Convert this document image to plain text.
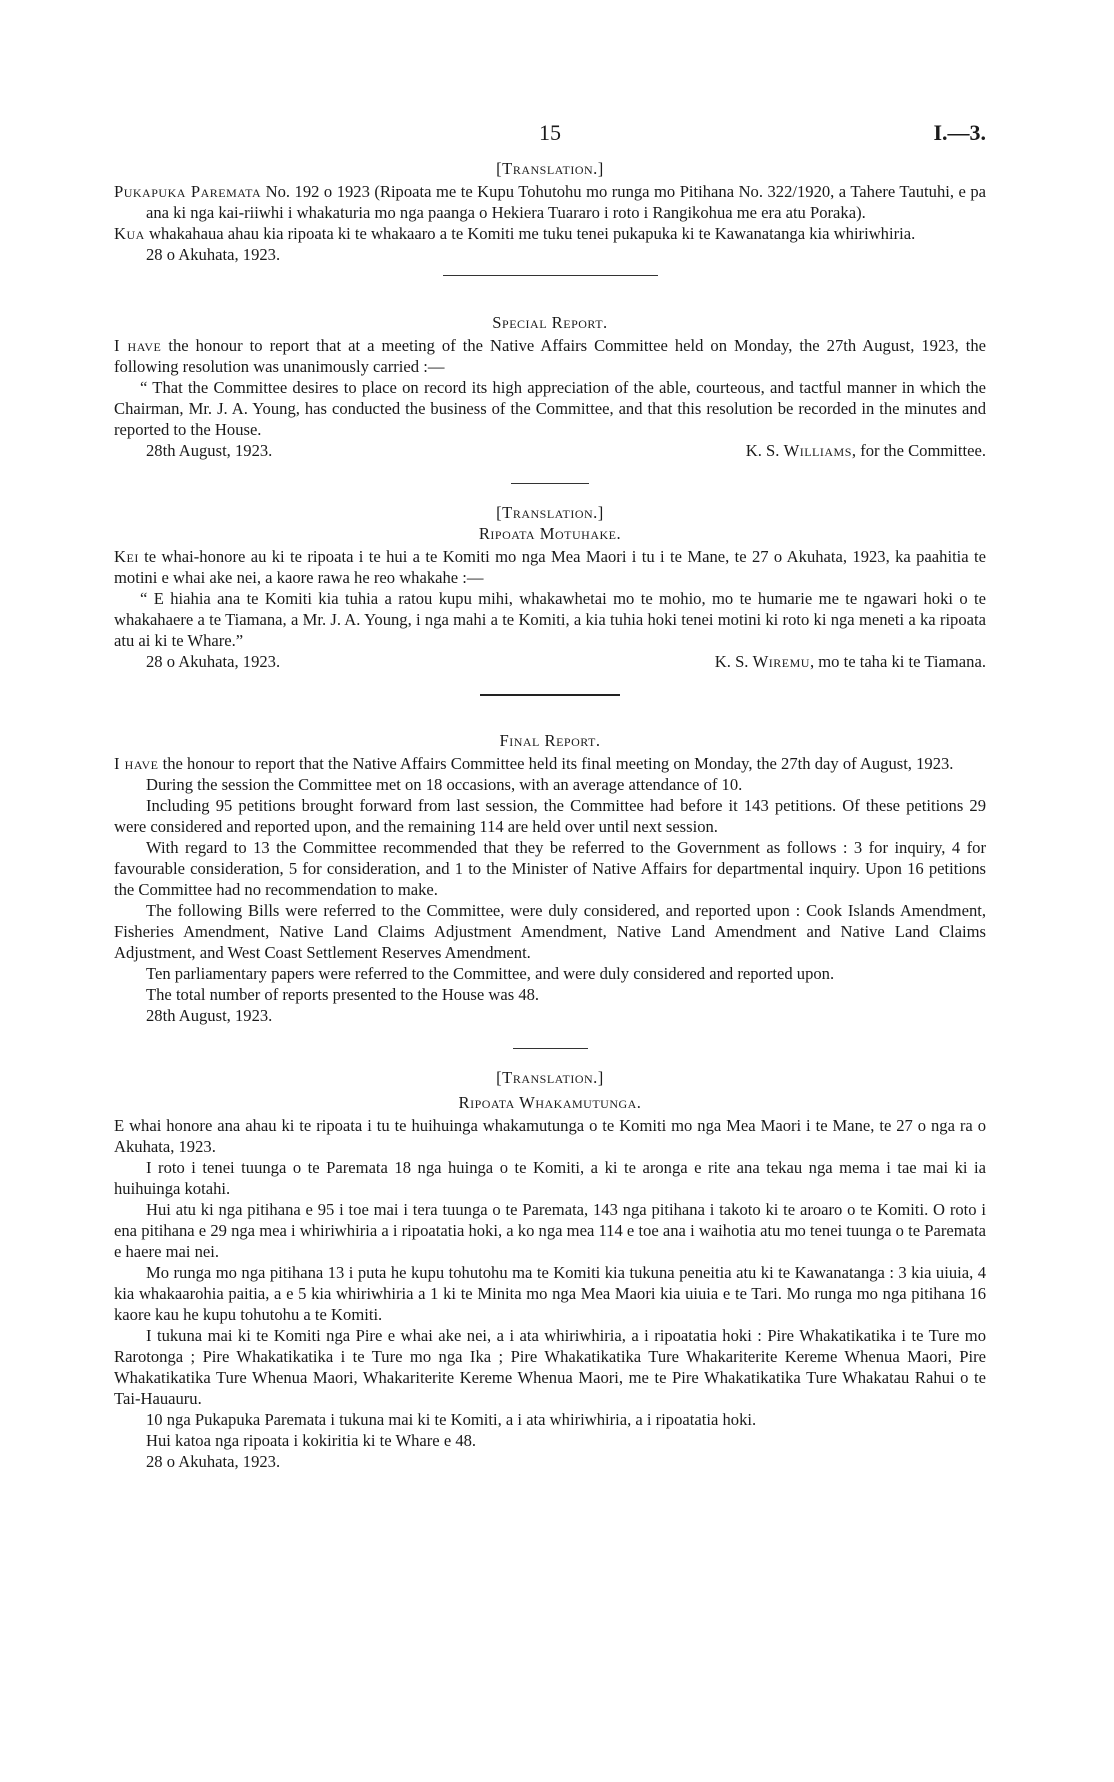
15	I.—3.

[Translation.]

Pukapuka Paremata No. 192 o 1923 (Ripoata me te Kupu Tohutohu mo runga mo Pitihana No. 322/1920, a Tahere Tautuhi, e pa ana ki nga kai-riiwhi i whakaturia mo nga paanga o Hekiera Tuararo i roto i Rangikohua me era atu Poraka).

Kua whakahaua ahau kia ripoata ki te whakaaro a te Komiti me tuku tenei pukapuka ki te Kawanatanga kia whiriwhiria.

28 o Akuhata, 1923.

Special Report.

I have the honour to report that at a meeting of the Native Affairs Committee held on Monday, the 27th August, 1923, the following resolution was unanimously carried :—

“ That the Committee desires to place on record its high appreciation of the able, courteous, and tactful manner in which the Chairman, Mr. J. A. Young, has conducted the business of the Committee, and that this resolution be recorded in the minutes and reported to the House.

28th August, 1923.	K. S. Williams, for the Committee.

[Translation.]

Ripoata Motuhake.

Kei te whai-honore au ki te ripoata i te hui a te Komiti mo nga Mea Maori i tu i te Mane, te 27 o Akuhata, 1923, ka paahitia te motini e whai ake nei, a kaore rawa he reo whakahe :—

“ E hiahia ana te Komiti kia tuhia a ratou kupu mihi, whakawhetai mo te mohio, mo te humarie me te ngawari hoki o te whakahaere a te Tiamana, a Mr. J. A. Young, i nga mahi a te Komiti, a kia tuhia hoki tenei motini ki roto ki nga meneti a ka ripoata atu ai ki te Whare.”

28 o Akuhata, 1923.	K. S. Wiremu, mo te taha ki te Tiamana.

Final Report.

I have the honour to report that the Native Affairs Committee held its final meeting on Monday, the 27th day of August, 1923.

During the session the Committee met on 18 occasions, with an average attendance of 10.

Including 95 petitions brought forward from last session, the Committee had before it 143 petitions. Of these petitions 29 were considered and reported upon, and the remaining 114 are held over until next session.

With regard to 13 the Committee recommended that they be referred to the Government as follows : 3 for inquiry, 4 for favourable consideration, 5 for consideration, and 1 to the Minister of Native Affairs for departmental inquiry. Upon 16 petitions the Committee had no recommendation to make.

The following Bills were referred to the Committee, were duly considered, and reported upon : Cook Islands Amendment, Fisheries Amendment, Native Land Claims Adjustment Amendment, Native Land Amendment and Native Land Claims Adjustment, and West Coast Settlement Reserves Amendment.

Ten parliamentary papers were referred to the Committee, and were duly considered and reported upon.

The total number of reports presented to the House was 48.

28th August, 1923.

[Translation.]

Ripoata Whakamutunga.

E whai honore ana ahau ki te ripoata i tu te huihuinga whakamutunga o te Komiti mo nga Mea Maori i te Mane, te 27 o nga ra o Akuhata, 1923.

I roto i tenei tuunga o te Paremata 18 nga huinga o te Komiti, a ki te aronga e rite ana tekau nga mema i tae mai ki ia huihuinga kotahi.

Hui atu ki nga pitihana e 95 i toe mai i tera tuunga o te Paremata, 143 nga pitihana i takoto ki te aroaro o te Komiti. O roto i ena pitihana e 29 nga mea i whiriwhiria a i ripoatatia hoki, a ko nga mea 114 e toe ana i waihotia atu mo tenei tuunga o te Paremata e haere mai nei.

Mo runga mo nga pitihana 13 i puta he kupu tohutohu ma te Komiti kia tukuna peneitia atu ki te Kawanatanga : 3 kia uiuia, 4 kia whakaarohia paitia, a e 5 kia whiriwhiria a 1 ki te Minita mo nga Mea Maori kia uiuia e te Tari. Mo runga mo nga pitihana 16 kaore kau he kupu tohutohu a te Komiti.

I tukuna mai ki te Komiti nga Pire e whai ake nei, a i ata whiriwhiria, a i ripoatatia hoki : Pire Whakatikatika i te Ture mo Rarotonga ; Pire Whakatikatika i te Ture mo nga Ika ; Pire Whakatikatika Ture Whakariterite Kereme Whenua Maori, Pire Whakatikatika Ture Whenua Maori, Whakariterite Kereme Whenua Maori, me te Pire Whakatikatika Ture Whakatau Rahui o te Tai-Hauauru.

10 nga Pukapuka Paremata i tukuna mai ki te Komiti, a i ata whiriwhiria, a i ripoatatia hoki.

Hui katoa nga ripoata i kokiritia ki te Whare e 48.

28 o Akuhata, 1923.
